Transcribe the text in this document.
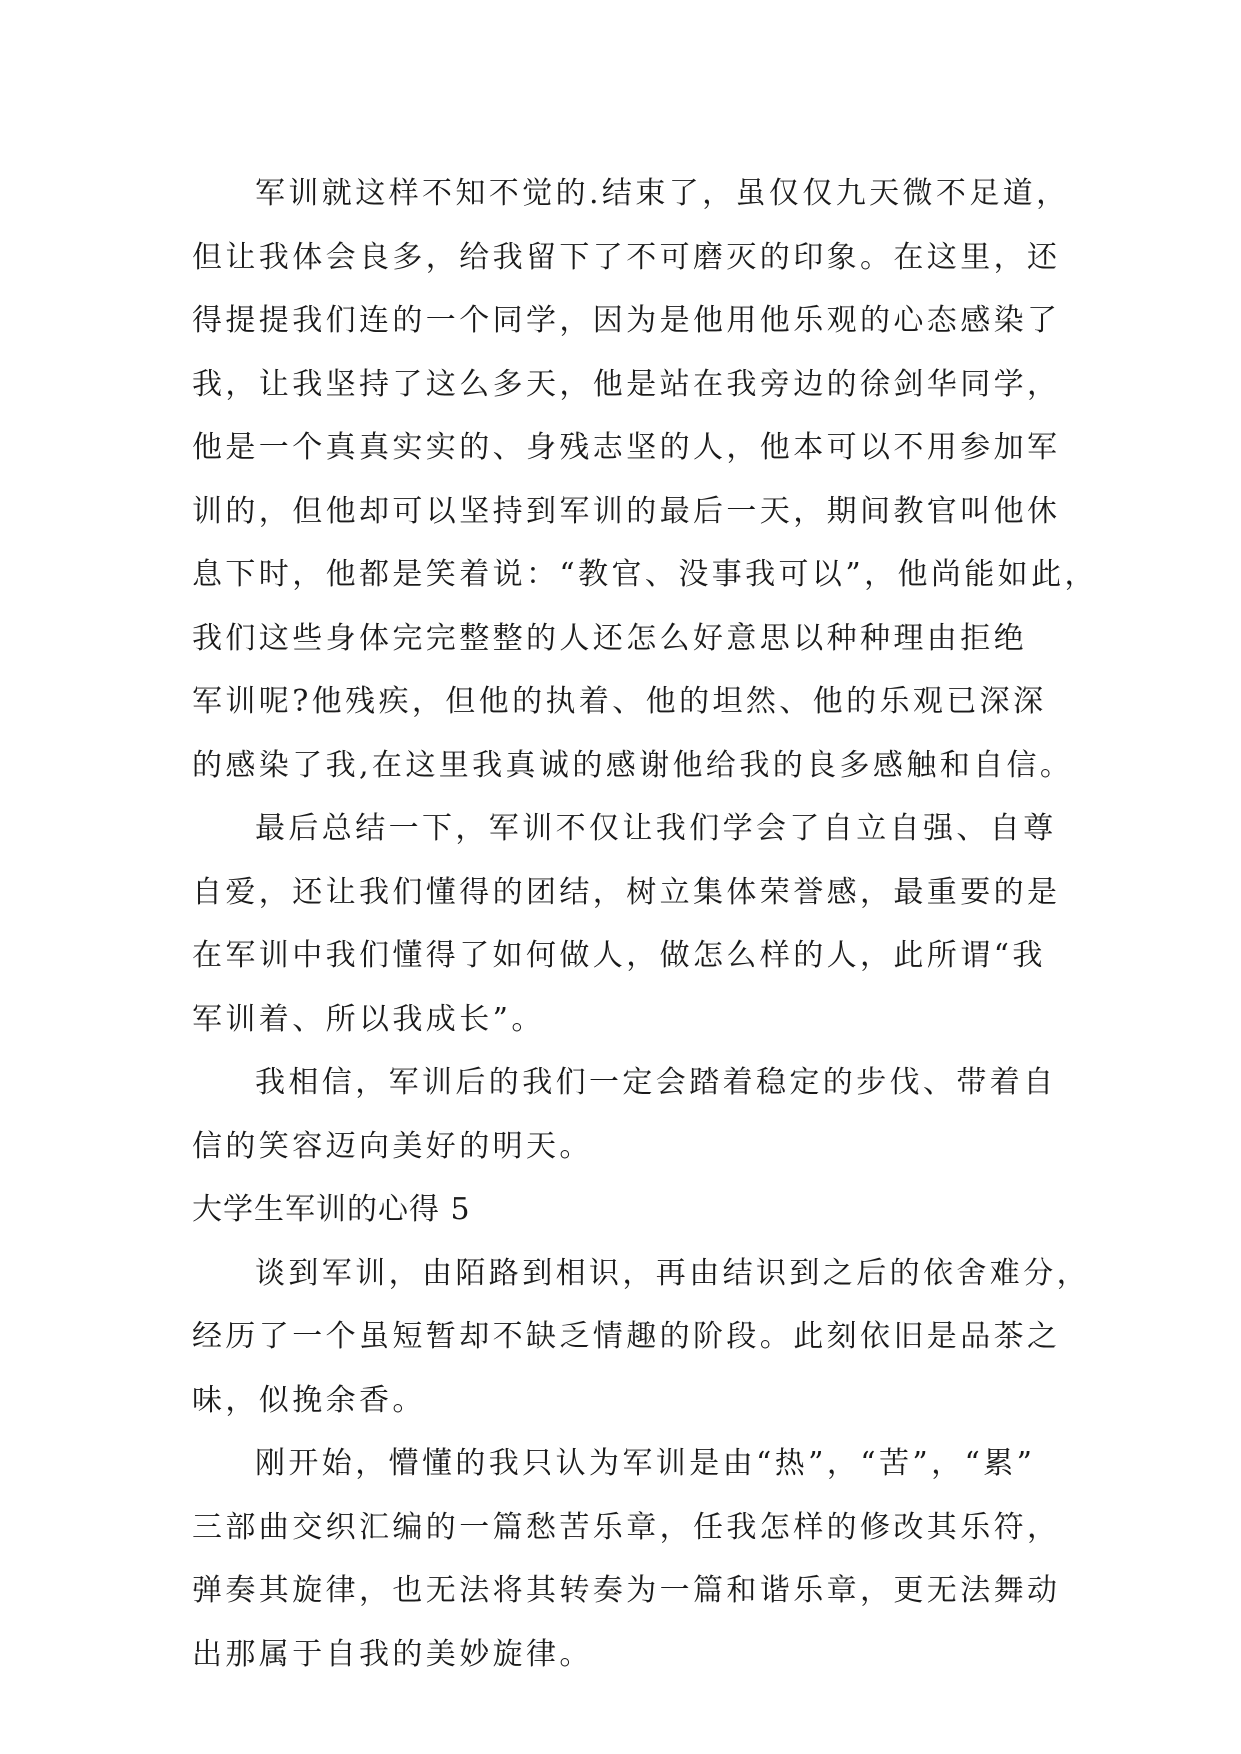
军训就这样不知不觉的.结束了，虽仅仅九天微不足道，
但让我体会良多，给我留下了不可磨灭的印象。在这里，还
得提提我们连的一个同学，因为是他用他乐观的心态感染了
我，让我坚持了这么多天，他是站在我旁边的徐剑华同学，
他是一个真真实实的、身残志坚的人，他本可以不用参加军
训的，但他却可以坚持到军训的最后一天，期间教官叫他休
息下时，他都是笑着说：“教官、没事我可以”，他尚能如此，
我们这些身体完完整整的人还怎么好意思以种种理由拒绝
军训呢?他残疾，但他的执着、他的坦然、他的乐观已深深
的感染了我,在这里我真诚的感谢他给我的良多感触和自信。
最后总结一下，军训不仅让我们学会了自立自强、自尊
自爱，还让我们懂得的团结，树立集体荣誉感，最重要的是
在军训中我们懂得了如何做人，做怎么样的人，此所谓“我
军训着、所以我成长”。
我相信，军训后的我们一定会踏着稳定的步伐、带着自
信的笑容迈向美好的明天。
大学生军训的心得 5
谈到军训，由陌路到相识，再由结识到之后的依舍难分，
经历了一个虽短暂却不缺乏情趣的阶段。此刻依旧是品茶之
味，似挽余香。
刚开始，懵懂的我只认为军训是由“热”，“苦”，“累”
三部曲交织汇编的一篇愁苦乐章，任我怎样的修改其乐符，
弹奏其旋律，也无法将其转奏为一篇和谐乐章，更无法舞动
出那属于自我的美妙旋律。
